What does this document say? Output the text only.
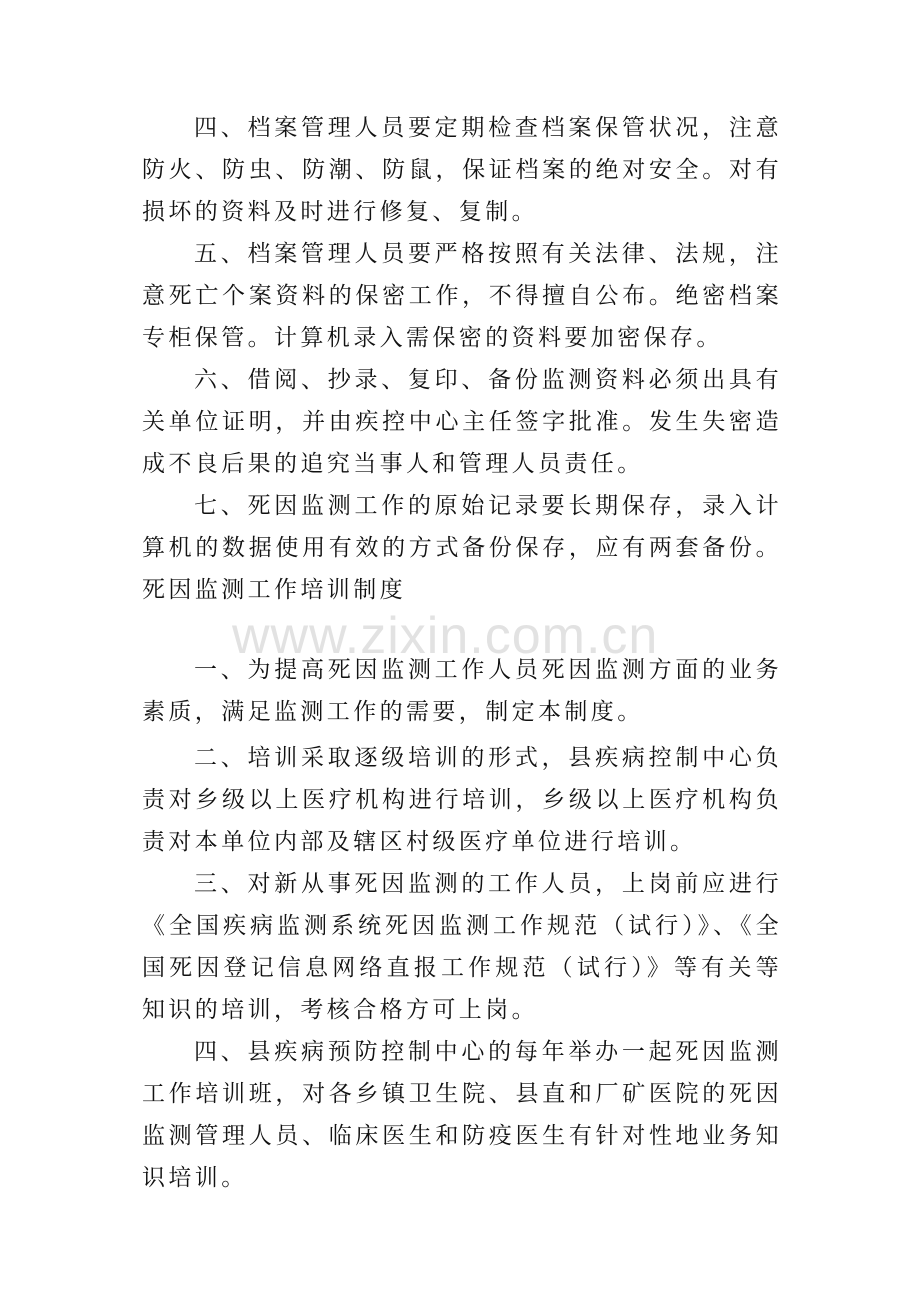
四、档案管理人员要定期检查档案保管状况，注意防火、防虫、防潮、防鼠，保证档案的绝对安全。对有损坏的资料及时进行修复、复制。

五、档案管理人员要严格按照有关法律、法规，注意死亡个案资料的保密工作，不得擅自公布。绝密档案专柜保管。计算机录入需保密的资料要加密保存。

六、借阅、抄录、复印、备份监测资料必须出具有关单位证明，并由疾控中心主任签字批准。发生失密造成不良后果的追究当事人和管理人员责任。

七、死因监测工作的原始记录要长期保存，录入计算机的数据使用有效的方式备份保存，应有两套备份。死因监测工作培训制度

一、为提高死因监测工作人员死因监测方面的业务素质，满足监测工作的需要，制定本制度。

二、培训采取逐级培训的形式，县疾病控制中心负责对乡级以上医疗机构进行培训，乡级以上医疗机构负责对本单位内部及辖区村级医疗单位进行培训。

三、对新从事死因监测的工作人员，上岗前应进行《全国疾病监测系统死因监测工作规范（试行）》、《全国死因登记信息网络直报工作规范（试行）》等有关等知识的培训，考核合格方可上岗。

四、县疾病预防控制中心的每年举办一起死因监测工作培训班，对各乡镇卫生院、县直和厂矿医院的死因监测管理人员、临床医生和防疫医生有针对性地业务知识培训。

www.zixin.com.cn
